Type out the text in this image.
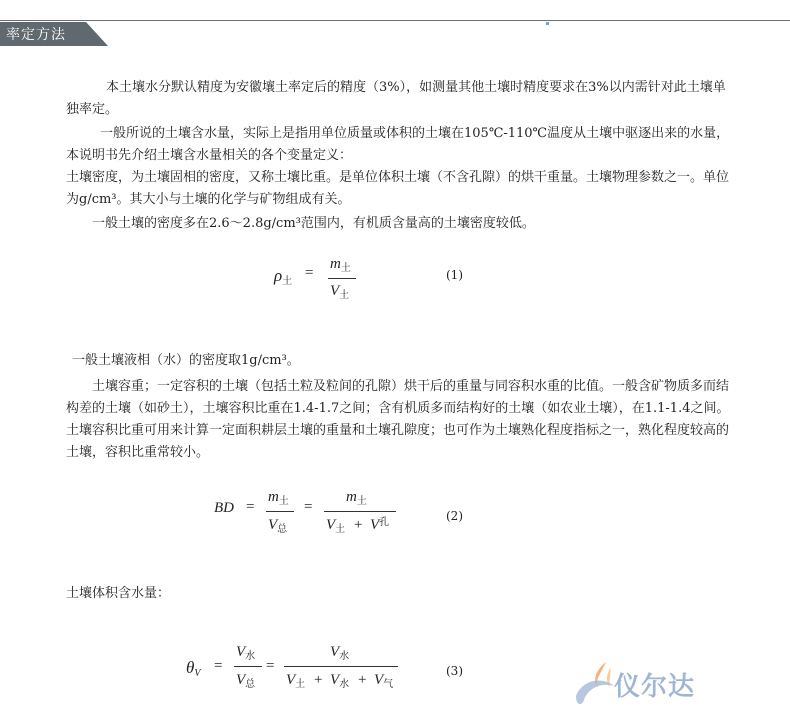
率定方法

本土壤水分默认精度为安徽壤土率定后的精度（3%），如测量其他土壤时精度要求在3%以内需针对此土壤单独率定。

一般所说的土壤含水量，实际上是指用单位质量或体积的土壤在105℃-110℃温度从土壤中驱逐出来的水量，本说明书先介绍土壤含水量相关的各个变量定义：

土壤密度，为土壤固相的密度，又称土壤比重。是单位体积土壤（不含孔隙）的烘干重量。土壤物理参数之一。单位为g/cm³。其大小与土壤的化学与矿物组成有关。

一般土壤的密度多在2.6～2.8g/cm³范围内，有机质含量高的土壤密度较低。

$\rho_土$
=
$m_土$
$V_土$
(1)

一般土壤液相（水）的密度取1g/cm³。

土壤容重；一定容积的土壤（包括土粒及粒间的孔隙）烘干后的重量与同容积水重的比值。一般含矿物质多而结构差的土壤（如砂土），土壤容积比重在1.4-1.7之间；含有机质多而结构好的土壤（如农业土壤），在1.1-1.4之间。土壤容积比重可用来计算一定面积耕层土壤的重量和土壤孔隙度；也可作为土壤熟化程度指标之一，熟化程度较高的土壤，容积比重常较小。

BD =
$m_土$
$V_总$
=
$m_土$
$V_土 + V^孔$	(2)

土壤体积含水量：

$\theta_V$ =
$V_水$
$V_总$
=
$V_水$
$V_土 + V_水 + V_气$
(3)
仪尔达
